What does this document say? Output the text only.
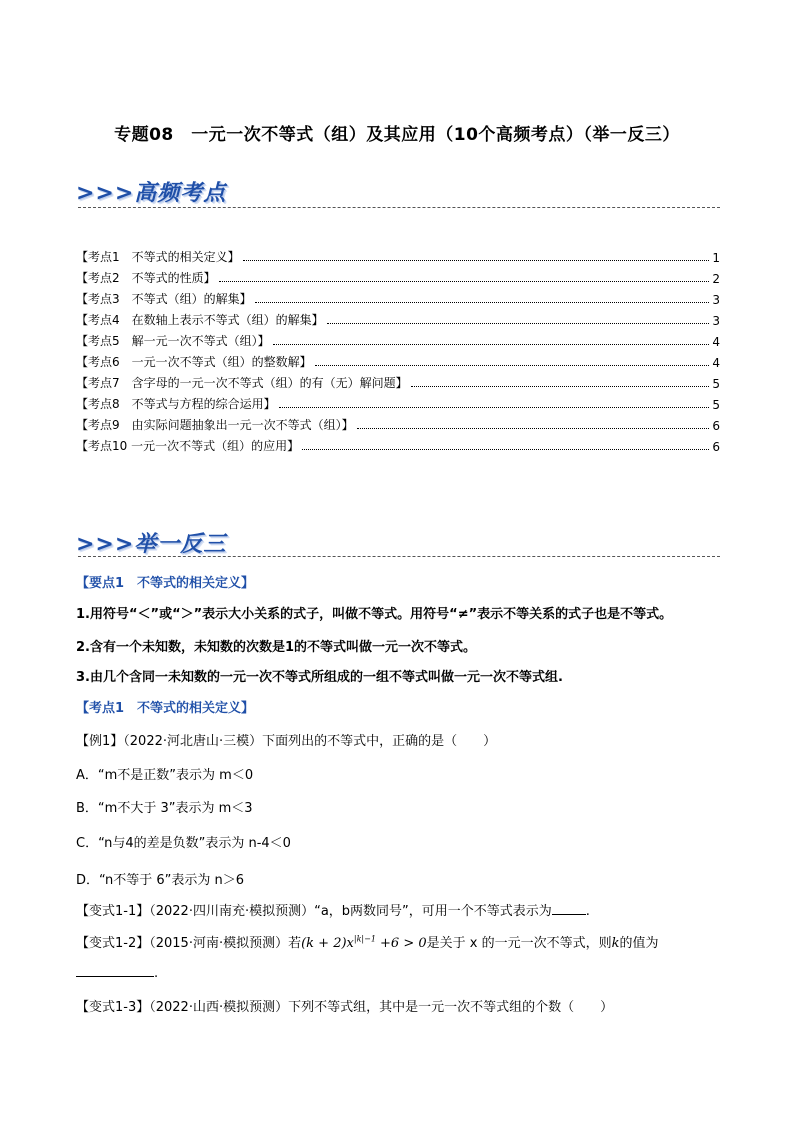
专题08　一元一次不等式（组）及其应用（10个高频考点）（举一反三）
>>>高频考点
【考点1　不等式的相关定义】	1
【考点2　不等式的性质】	2
【考点3　不等式（组）的解集】	3
【考点4　在数轴上表示不等式（组）的解集】	3
【考点5　解一元一次不等式（组）】	4
【考点6　一元一次不等式（组）的整数解】	4
【考点7　含字母的一元一次不等式（组）的有（无）解问题】	5
【考点8　不等式与方程的综合运用】	5
【考点9　由实际问题抽象出一元一次不等式（组）】	6
【考点10 一元一次不等式（组）的应用】	6
>>>举一反三
【要点1　不等式的相关定义】
1.用符号“＜”或“＞”表示大小关系的式子，叫做不等式。用符号“≠”表示不等关系的式子也是不等式。
2.含有一个未知数，未知数的次数是1的不等式叫做一元一次不等式。
3.由几个含同一未知数的一元一次不等式所组成的一组不等式叫做一元一次不等式组.
【考点1　不等式的相关定义】
【例1】（2022·河北唐山·三模）下面列出的不等式中，正确的是（　　）
A．“m不是正数”表示为 m＜0
B．“m不大于 3”表示为 m＜3
C．“n与4的差是负数”表示为 n-4＜0
D．“n不等于 6”表示为 n＞6
【变式1-1】（2022·四川南充·模拟预测）“a，b两数同号”，可用一个不等式表示为	.
【变式1-2】（2015·河南·模拟预测）若$(k + 2)x^{|k|-1} +6 > 0$是关于 x 的一元一次不等式，则k的值为
.
【变式1-3】（2022·山西·模拟预测）下列不等式组，其中是一元一次不等式组的个数（　　）
